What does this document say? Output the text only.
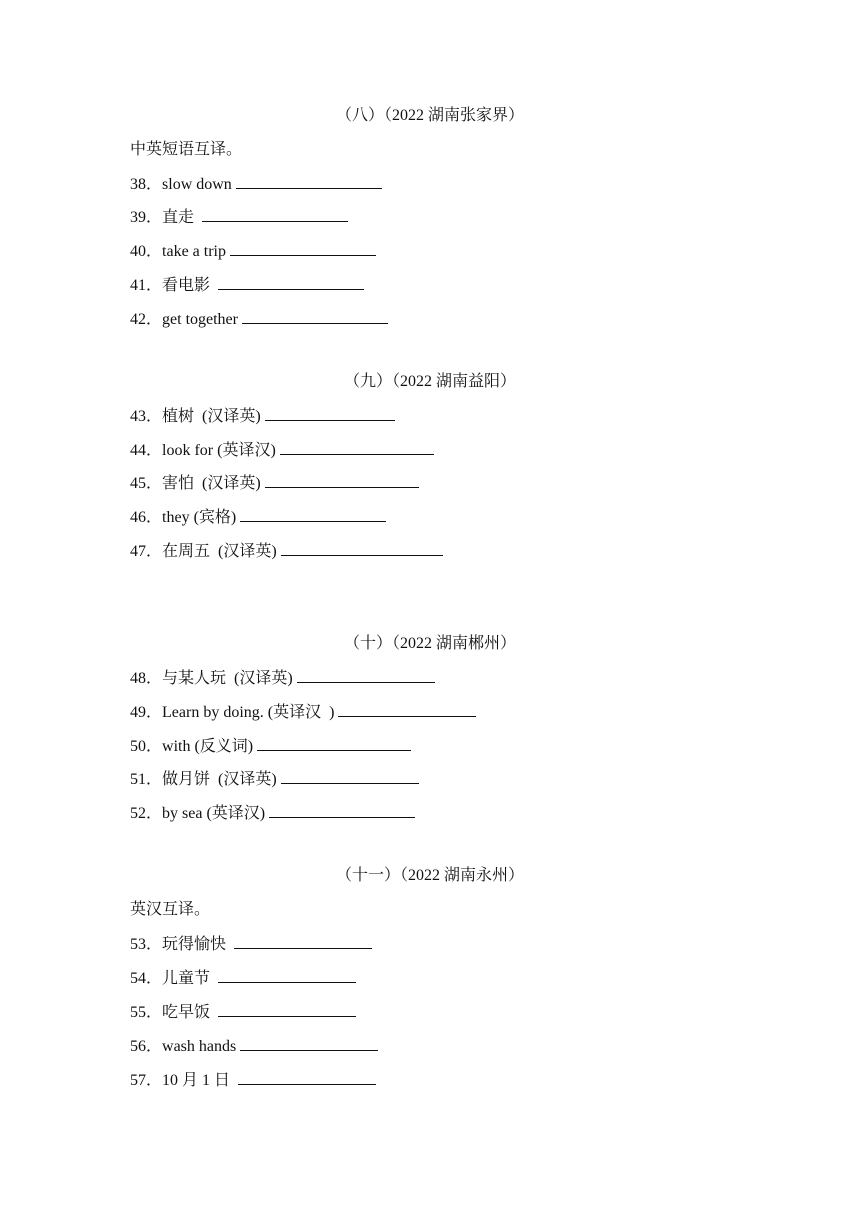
（八）（2022 湖南张家界）
中英短语互译。
38．slow down
39．直走
40．take a trip
41．看电影
42．get together
（九）（2022 湖南益阳）
43．植树  (汉译英)
44．look for (英译汉)
45．害怕  (汉译英)
46．they (宾格)
47．在周五  (汉译英)
（十）（2022 湖南郴州）
48．与某人玩  (汉译英)
49．Learn by doing. (英译汉  )
50．with (反义词)
51．做月饼  (汉译英)
52．by sea (英译汉)
（十一）（2022 湖南永州）
英汉互译。
53．玩得愉快
54．儿童节
55．吃早饭
56．wash hands
57．10 月 1 日
